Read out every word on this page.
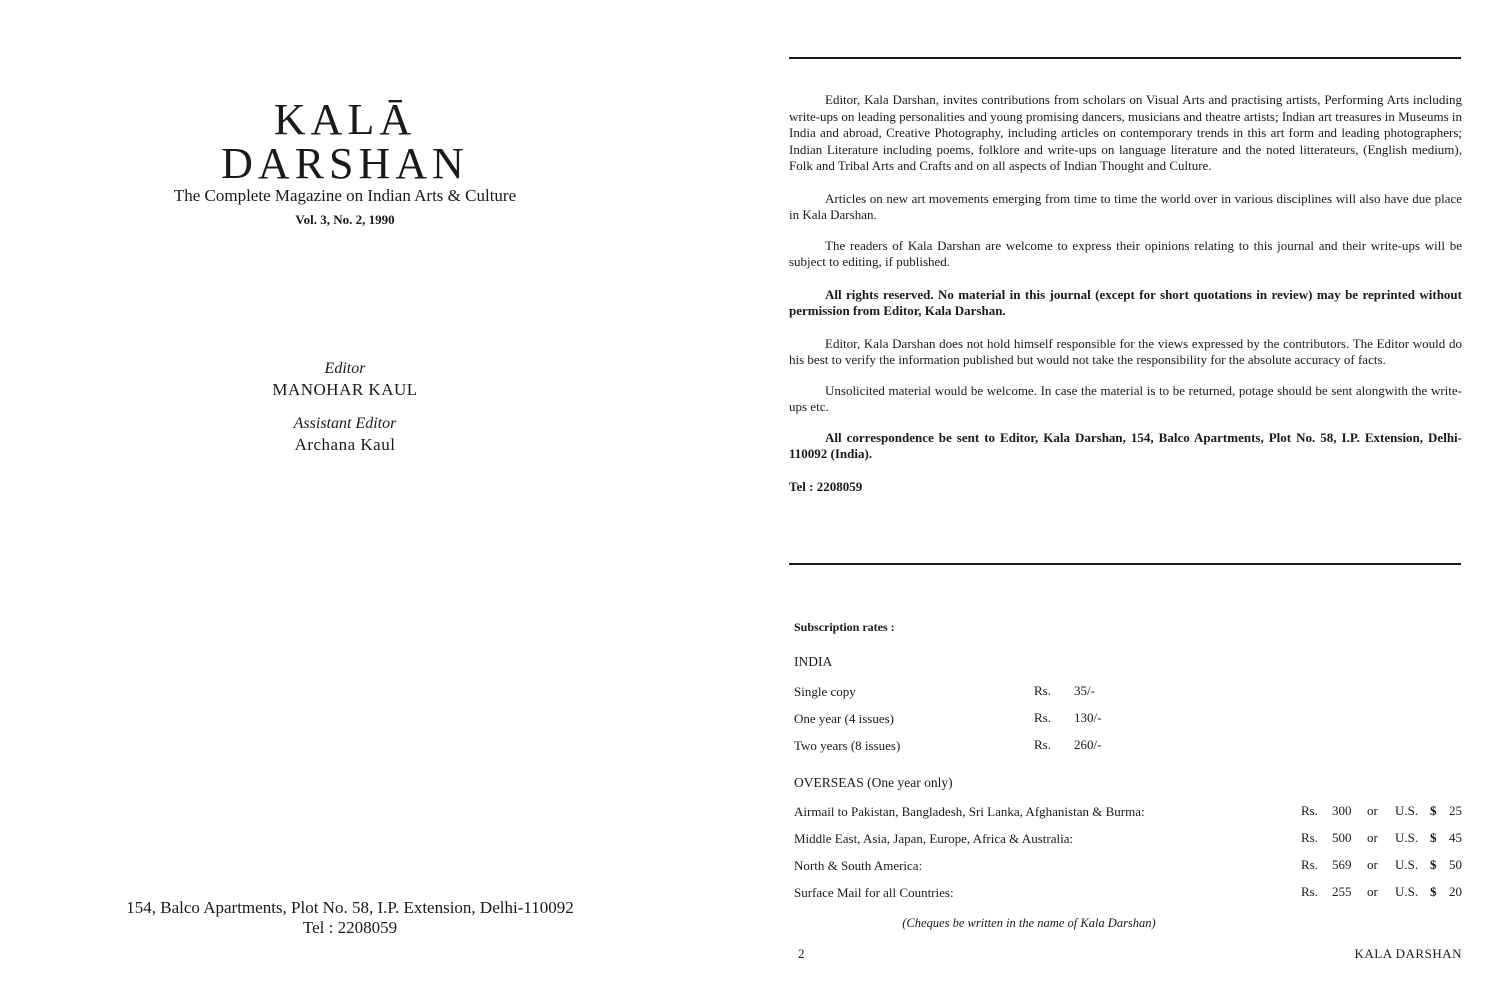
KALĀ
DARSHAN
The Complete Magazine on Indian Arts & Culture
Vol. 3, No. 2, 1990
Editor
MANOHAR KAUL
Assistant Editor
Archana Kaul
154, Balco Apartments, Plot No. 58, I.P. Extension, Delhi-110092
Tel : 2208059

Editor, Kala Darshan, invites contributions from scholars on Visual Arts and practising artists, Performing Arts including write-ups on leading personalities and young promising dancers, musicians and theatre artists; Indian art treasures in Museums in India and abroad, Creative Photography, including articles on contemporary trends in this art form and leading photographers; Indian Literature including poems, folklore and write-ups on language literature and the noted litterateurs, (English medium), Folk and Tribal Arts and Crafts and on all aspects of Indian Thought and Culture.

Articles on new art movements emerging from time to time the world over in various disciplines will also have due place in Kala Darshan.

The readers of Kala Darshan are welcome to express their opinions relating to this journal and their write-ups will be subject to editing, if published.

All rights reserved. No material in this journal (except for short quotations in review) may be reprinted without permission from Editor, Kala Darshan.

Editor, Kala Darshan does not hold himself responsible for the views expressed by the contributors. The Editor would do his best to verify the information published but would not take the responsibility for the absolute accuracy of facts.

Unsolicited material would be welcome. In case the material is to be returned, potage should be sent alongwith the write-ups etc.

All correspondence be sent to Editor, Kala Darshan, 154, Balco Apartments, Plot No. 58, I.P. Extension, Delhi-110092 (India).

Tel : 2208059

Subscription rates :
INDIA
Single copy	Rs. 35/-
One year (4 issues)	Rs. 130/-
Two years (8 issues)	Rs. 260/-
OVERSEAS (One year only)
Airmail to Pakistan, Bangladesh, Sri Lanka, Afghanistan & Burma:	Rs. 300 or U.S. $ 25
Middle East, Asia, Japan, Europe, Africa & Australia:	Rs. 500 or U.S. $ 45
North & South America:	Rs. 569 or U.S. $ 50
Surface Mail for all Countries:	Rs. 255 or U.S. $ 20
(Cheques be written in the name of Kala Darshan)
2	KALA DARSHAN
